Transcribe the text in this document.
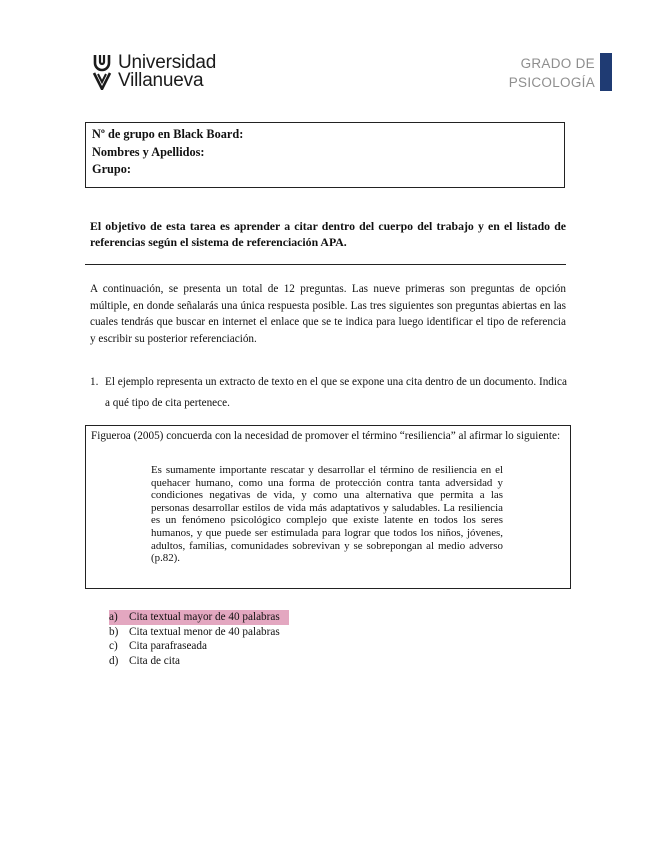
Universidad
Villanueva
GRADO DE
PSICOLOGÍA
Nº de grupo en Black Board:
Nombres y Apellidos:
Grupo:
El objetivo de esta tarea es aprender a citar dentro del cuerpo del trabajo y en el listado de referencias según el sistema de referenciación APA.
A continuación, se presenta un total de 12 preguntas. Las nueve primeras son preguntas de opción múltiple, en donde señalarás una única respuesta posible. Las tres siguientes son preguntas abiertas en las cuales tendrás que buscar en internet el enlace que se te indica para luego identificar el tipo de referencia y escribir su posterior referenciación.
1. El ejemplo representa un extracto de texto en el que se expone una cita dentro de un documento. Indica a qué tipo de cita pertenece.
Figueroa (2005) concuerda con la necesidad de promover el término “resiliencia” al afirmar lo siguiente:
Es sumamente importante rescatar y desarrollar el término de resiliencia en el quehacer humano, como una forma de protección contra tanta adversidad y condiciones negativas de vida, y como una alternativa que permita a las personas desarrollar estilos de vida más adaptativos y saludables. La resiliencia es un fenómeno psicológico complejo que existe latente en todos los seres humanos, y que puede ser estimulada para lograr que todos los niños, jóvenes, adultos, familias, comunidades sobrevivan y se sobrepongan al medio adverso (p.82).
a)	Cita textual mayor de 40 palabras
b) Cita textual menor de 40 palabras
c)	Cita parafraseada
d) Cita de cita
